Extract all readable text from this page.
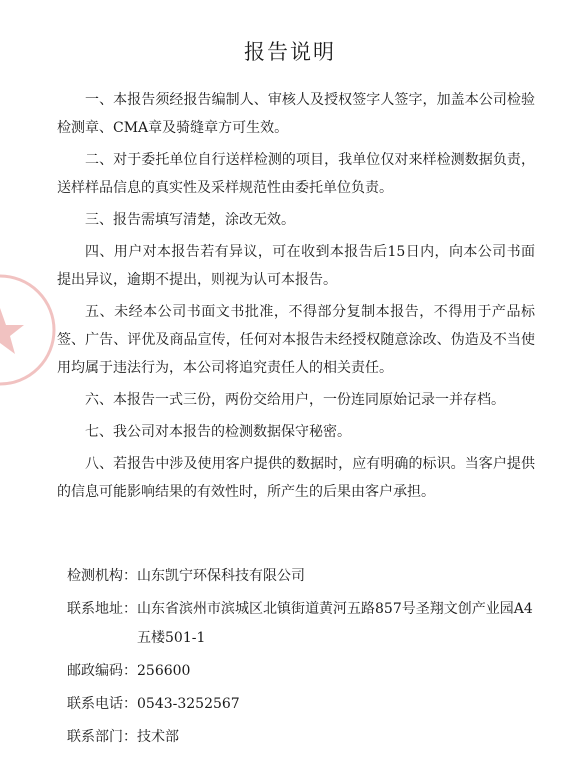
报告说明
一、本报告须经报告编制人、审核人及授权签字人签字，加盖本公司检验检测章、CMA章及骑缝章方可生效。
二、对于委托单位自行送样检测的项目，我单位仅对来样检测数据负责，送样样品信息的真实性及采样规范性由委托单位负责。
三、报告需填写清楚，涂改无效。
四、用户对本报告若有异议，可在收到本报告后15日内，向本公司书面提出异议，逾期不提出，则视为认可本报告。
五、未经本公司书面文书批准，不得部分复制本报告，不得用于产品标签、广告、评优及商品宣传，任何对本报告未经授权随意涂改、伪造及不当使用均属于违法行为，本公司将追究责任人的相关责任。
六、本报告一式三份，两份交给用户，一份连同原始记录一并存档。
七、我公司对本报告的检测数据保守秘密。
八、若报告中涉及使用客户提供的数据时，应有明确的标识。当客户提供的信息可能影响结果的有效性时，所产生的后果由客户承担。
检测机构： 山东凯宁环保科技有限公司
联系地址： 山东省滨州市滨城区北镇街道黄河五路857号圣翔文创产业园A4五楼501-1
邮政编码： 256600
联系电话： 0543-3252567
联系部门： 技术部
